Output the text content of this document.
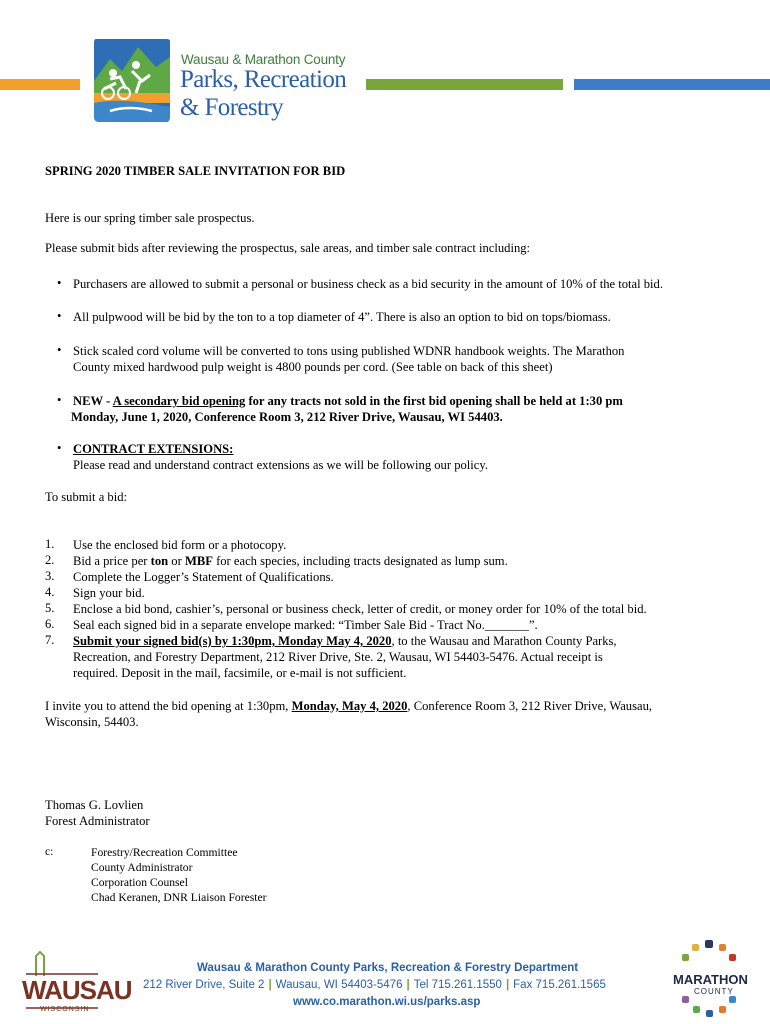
Wausau & Marathon County
Parks, Recreation
& Forestry
SPRING 2020 TIMBER SALE INVITATION FOR BID
Here is our spring timber sale prospectus.
Please submit bids after reviewing the prospectus, sale areas, and timber sale contract including:
• Purchasers are allowed to submit a personal or business check as a bid security in the amount of 10% of the total bid.
• All pulpwood will be bid by the ton to a top diameter of 4”. There is also an option to bid on tops/biomass.
• Stick scaled cord volume will be converted to tons using published WDNR handbook weights. The Marathon
County mixed hardwood pulp weight is 4800 pounds per cord. (See table on back of this sheet)
• NEW - A secondary bid opening for any tracts not sold in the first bid opening shall be held at 1:30 pm
Monday, June 1, 2020, Conference Room 3, 212 River Drive, Wausau, WI 54403.
• CONTRACT EXTENSIONS:
Please read and understand contract extensions as we will be following our policy.
To submit a bid:
1. Use the enclosed bid form or a photocopy.
2. Bid a price per ton or MBF for each species, including tracts designated as lump sum.
3. Complete the Logger’s Statement of Qualifications.
4. Sign your bid.
5. Enclose a bid bond, cashier’s, personal or business check, letter of credit, or money order for 10% of the total bid.
6. Seal each signed bid in a separate envelope marked: “Timber Sale Bid - Tract No._______”.
7. Submit your signed bid(s) by 1:30pm, Monday May 4, 2020, to the Wausau and Marathon County Parks,
Recreation, and Forestry Department, 212 River Drive, Ste. 2, Wausau, WI 54403-5476. Actual receipt is
required. Deposit in the mail, facsimile, or e-mail is not sufficient.
I invite you to attend the bid opening at 1:30pm, Monday, May 4, 2020, Conference Room 3, 212 River Drive, Wausau,
Wisconsin, 54403.
Thomas G. Lovlien
Forest Administrator
c:	Forestry/Recreation Committee
County Administrator
Corporation Counsel
Chad Keranen, DNR Liaison Forester
WAUSAU
WISCONSIN
Wausau & Marathon County Parks, Recreation & Forestry Department
212 River Drive, Suite 2 | Wausau, WI 54403-5476 | Tel 715.261.1550 | Fax 715.261.1565
www.co.marathon.wi.us/parks.asp
MARATHON
COUNTY
